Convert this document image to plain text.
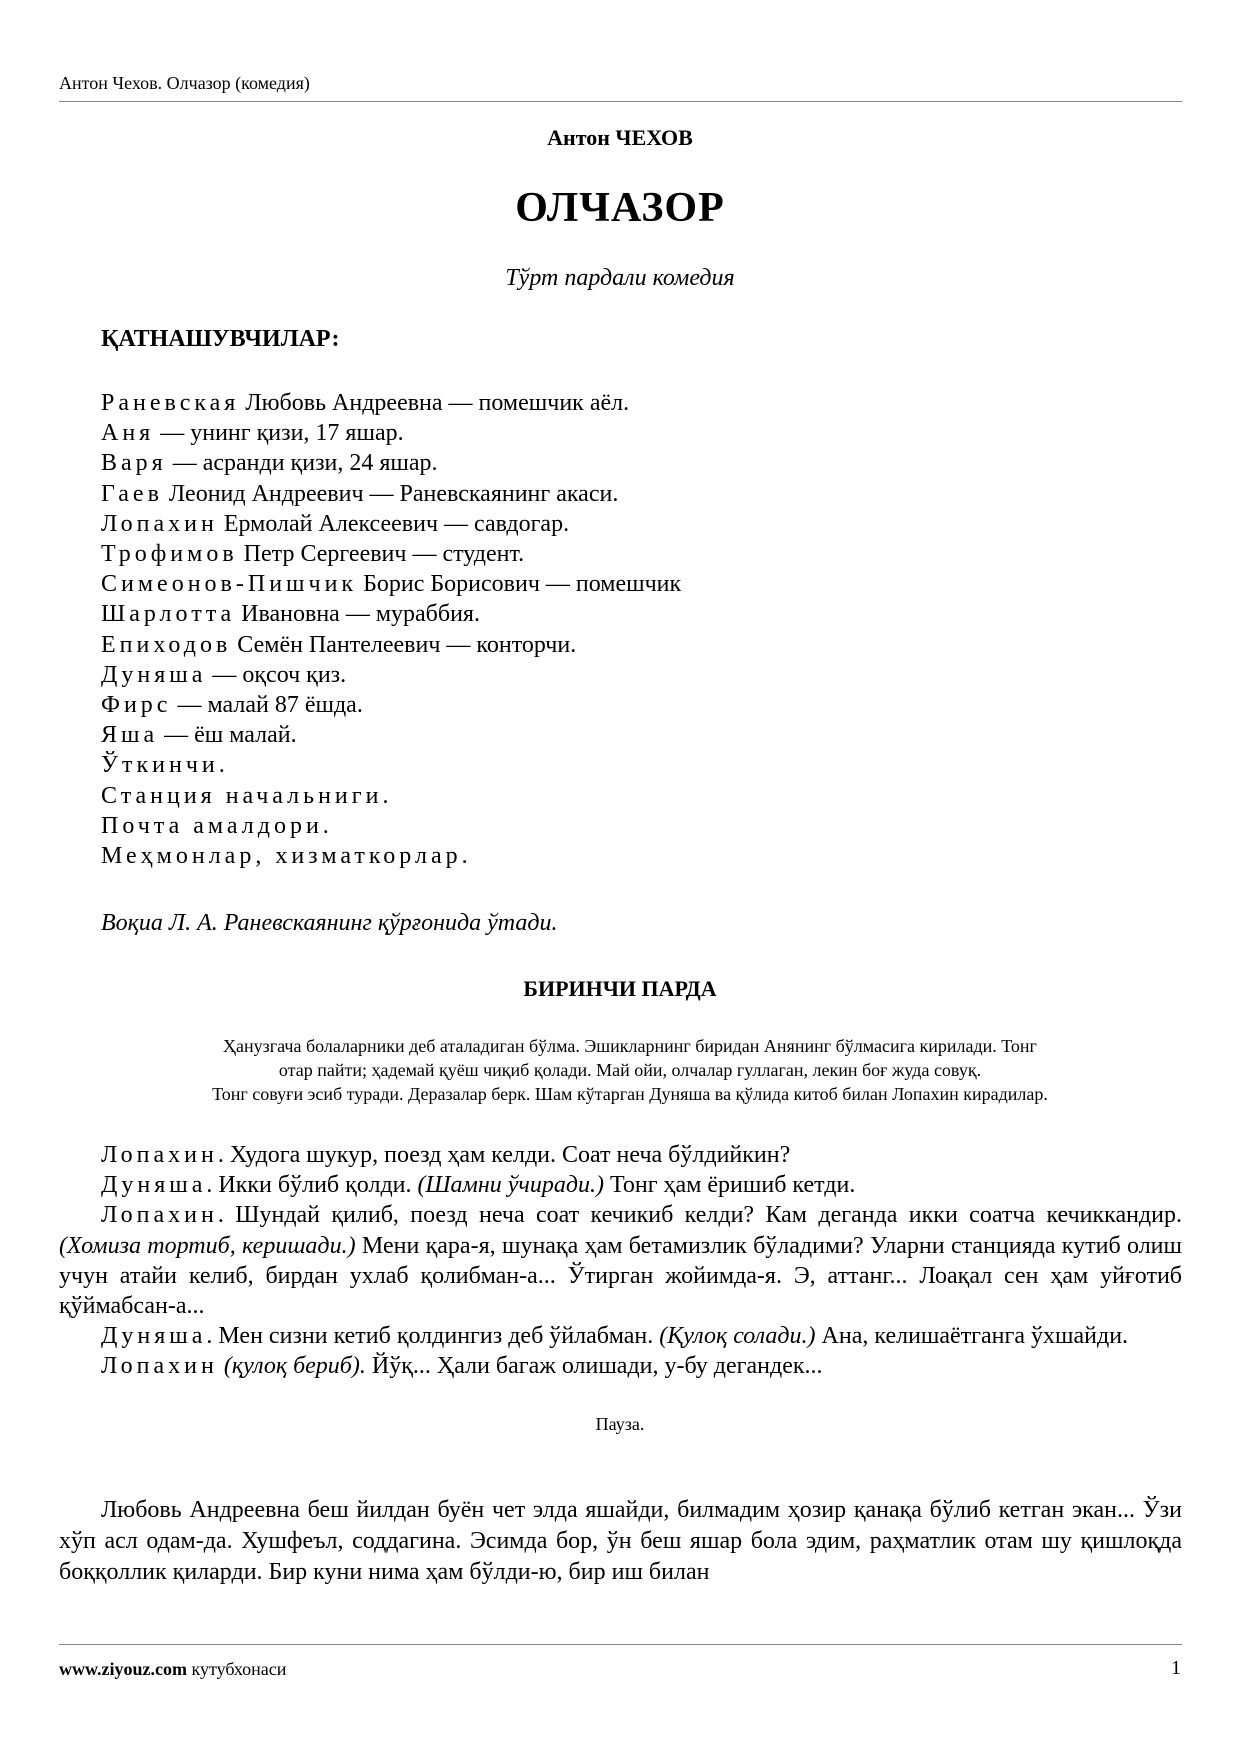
Антон Чехов. Олчазор (комедия)
Антон ЧЕХОВ
ОЛЧАЗОР
Тўрт пардали комедия
ҚАТНАШУВЧИЛАР:
Раневская Любовь Андреевна — помешчик аёл.
Аня — унинг қизи, 17 яшар.
Варя — асранди қизи, 24 яшар.
Гаев Леонид Андреевич — Раневскаянинг акаси.
Лопахин Ермолай Алексеевич — савдогар.
Трофимов Петр Сергеевич — студент.
Симеонов-Пишчик Борис Борисович — помешчик
Шарлотта Ивановна — мураббия.
Епиходов Семён Пантелеевич — конторчи.
Дуняша — оқсоч қиз.
Фирс — малай 87 ёшда.
Яша — ёш малай.
Ўткинчи.
Станция начальниги.
Почта амалдори.
Меҳмонлар, хизматкорлар.
Воқиа Л. А. Раневскаянинг қўрғонида ўтади.
БИРИНЧИ ПАРДА
Ҳанузгача болаларники деб аталадиган бўлма. Эшикларнинг биридан Анянинг бўлмасига кирилади. Тонг
отар пайти; ҳадемай қуёш чиқиб қолади. Май ойи, олчалар гуллаган, лекин боғ жуда совуқ.
Тонг совуғи эсиб туради. Деразалар берк. Шам кўтарган Дуняша ва қўлида китоб билан Лопахин кирадилар.

Лопахин. Худога шукур, поезд ҳам келди. Соат неча бўлдийкин?

Дуняша. Икки бўлиб қолди. (Шамни ўчиради.) Тонг ҳам ёришиб кетди.

Лопахин. Шундай қилиб, поезд неча соат кечикиб келди? Кам деганда икки соатча кечиккандир. (Хомиза тортиб, керишади.) Мени қара-я, шунақа ҳам бетамизлик бўладими? Уларни станцияда кутиб олиш учун атайи келиб, бирдан ухлаб қолибман-а... Ўтирган жойимда-я. Э, аттанг... Лоақал сен ҳам уйғотиб қўймабсан-а...

Дуняша. Мен сизни кетиб қолдингиз деб ўйлабман. (Қулоқ солади.) Ана, келишаётганга ўхшайди.

Лопахин (қулоқ бериб). Йўқ... Ҳали багаж олишади, у-бу дегандек...

Пауза.

Любовь Андреевна беш йилдан буён чет элда яшайди, билмадим ҳозир қанақа бўлиб кетган экан... Ўзи хўп асл одам-да. Хушфеъл, соддагина. Эсимда бор, ўн беш яшар бола эдим, раҳматлик отам шу қишлоқда боққоллик қиларди. Бир куни нима ҳам бўлди-ю, бир иш билан

www.ziyouz.com кутубхонаси	1
